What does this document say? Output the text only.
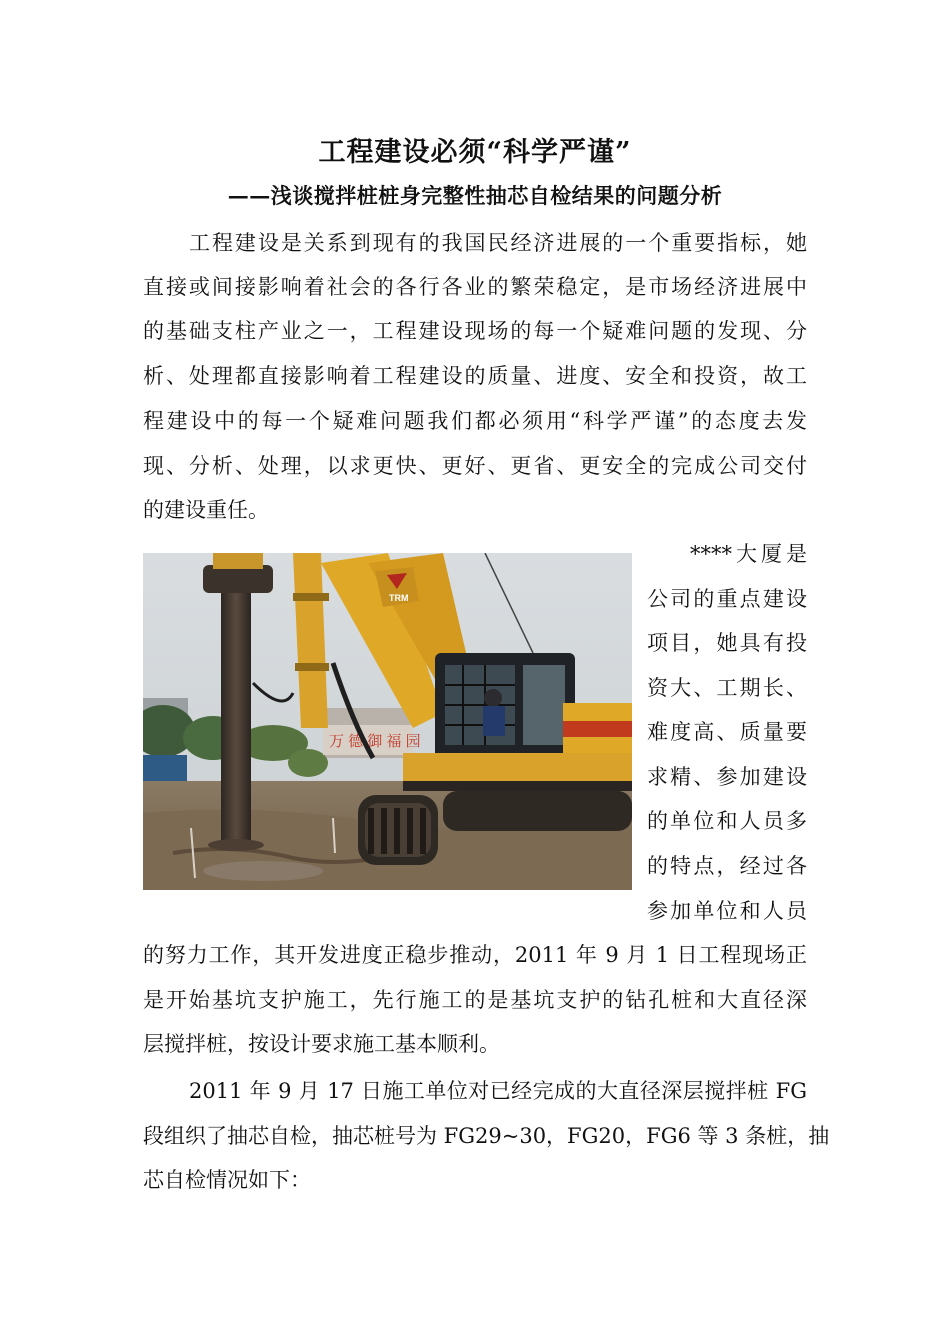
工程建设必须“科学严谨”
——浅谈搅拌桩桩身完整性抽芯自检结果的问题分析
工程建设是关系到现有的我国民经济进展的一个重要指标，她
直接或间接影响着社会的各行各业的繁荣稳定，是市场经济进展中
的基础支柱产业之一，工程建设现场的每一个疑难问题的发现、分
析、处理都直接影响着工程建设的质量、进度、安全和投资，故工
程建设中的每一个疑难问题我们都必须用“科学严谨”的态度去发
现、分析、处理，以求更快、更好、更省、更安全的完成公司交付
的建设重任。
万 德 御 福 园
TRM
****大厦是
公司的重点建设
项目，她具有投
资大、工期长、
难度高、质量要
求精、参加建设
的单位和人员多
的特点，经过各
参加单位和人员
的努力工作，其开发进度正稳步推动，2011 年 9 月 1 日工程现场正
是开始基坑支护施工，先行施工的是基坑支护的钻孔桩和大直径深
层搅拌桩，按设计要求施工基本顺利。
2011 年 9 月 17 日施工单位对已经完成的大直径深层搅拌桩 FG
段组织了抽芯自检，抽芯桩号为 FG29~30，FG20，FG6 等 3 条桩，抽
芯自检情况如下：
